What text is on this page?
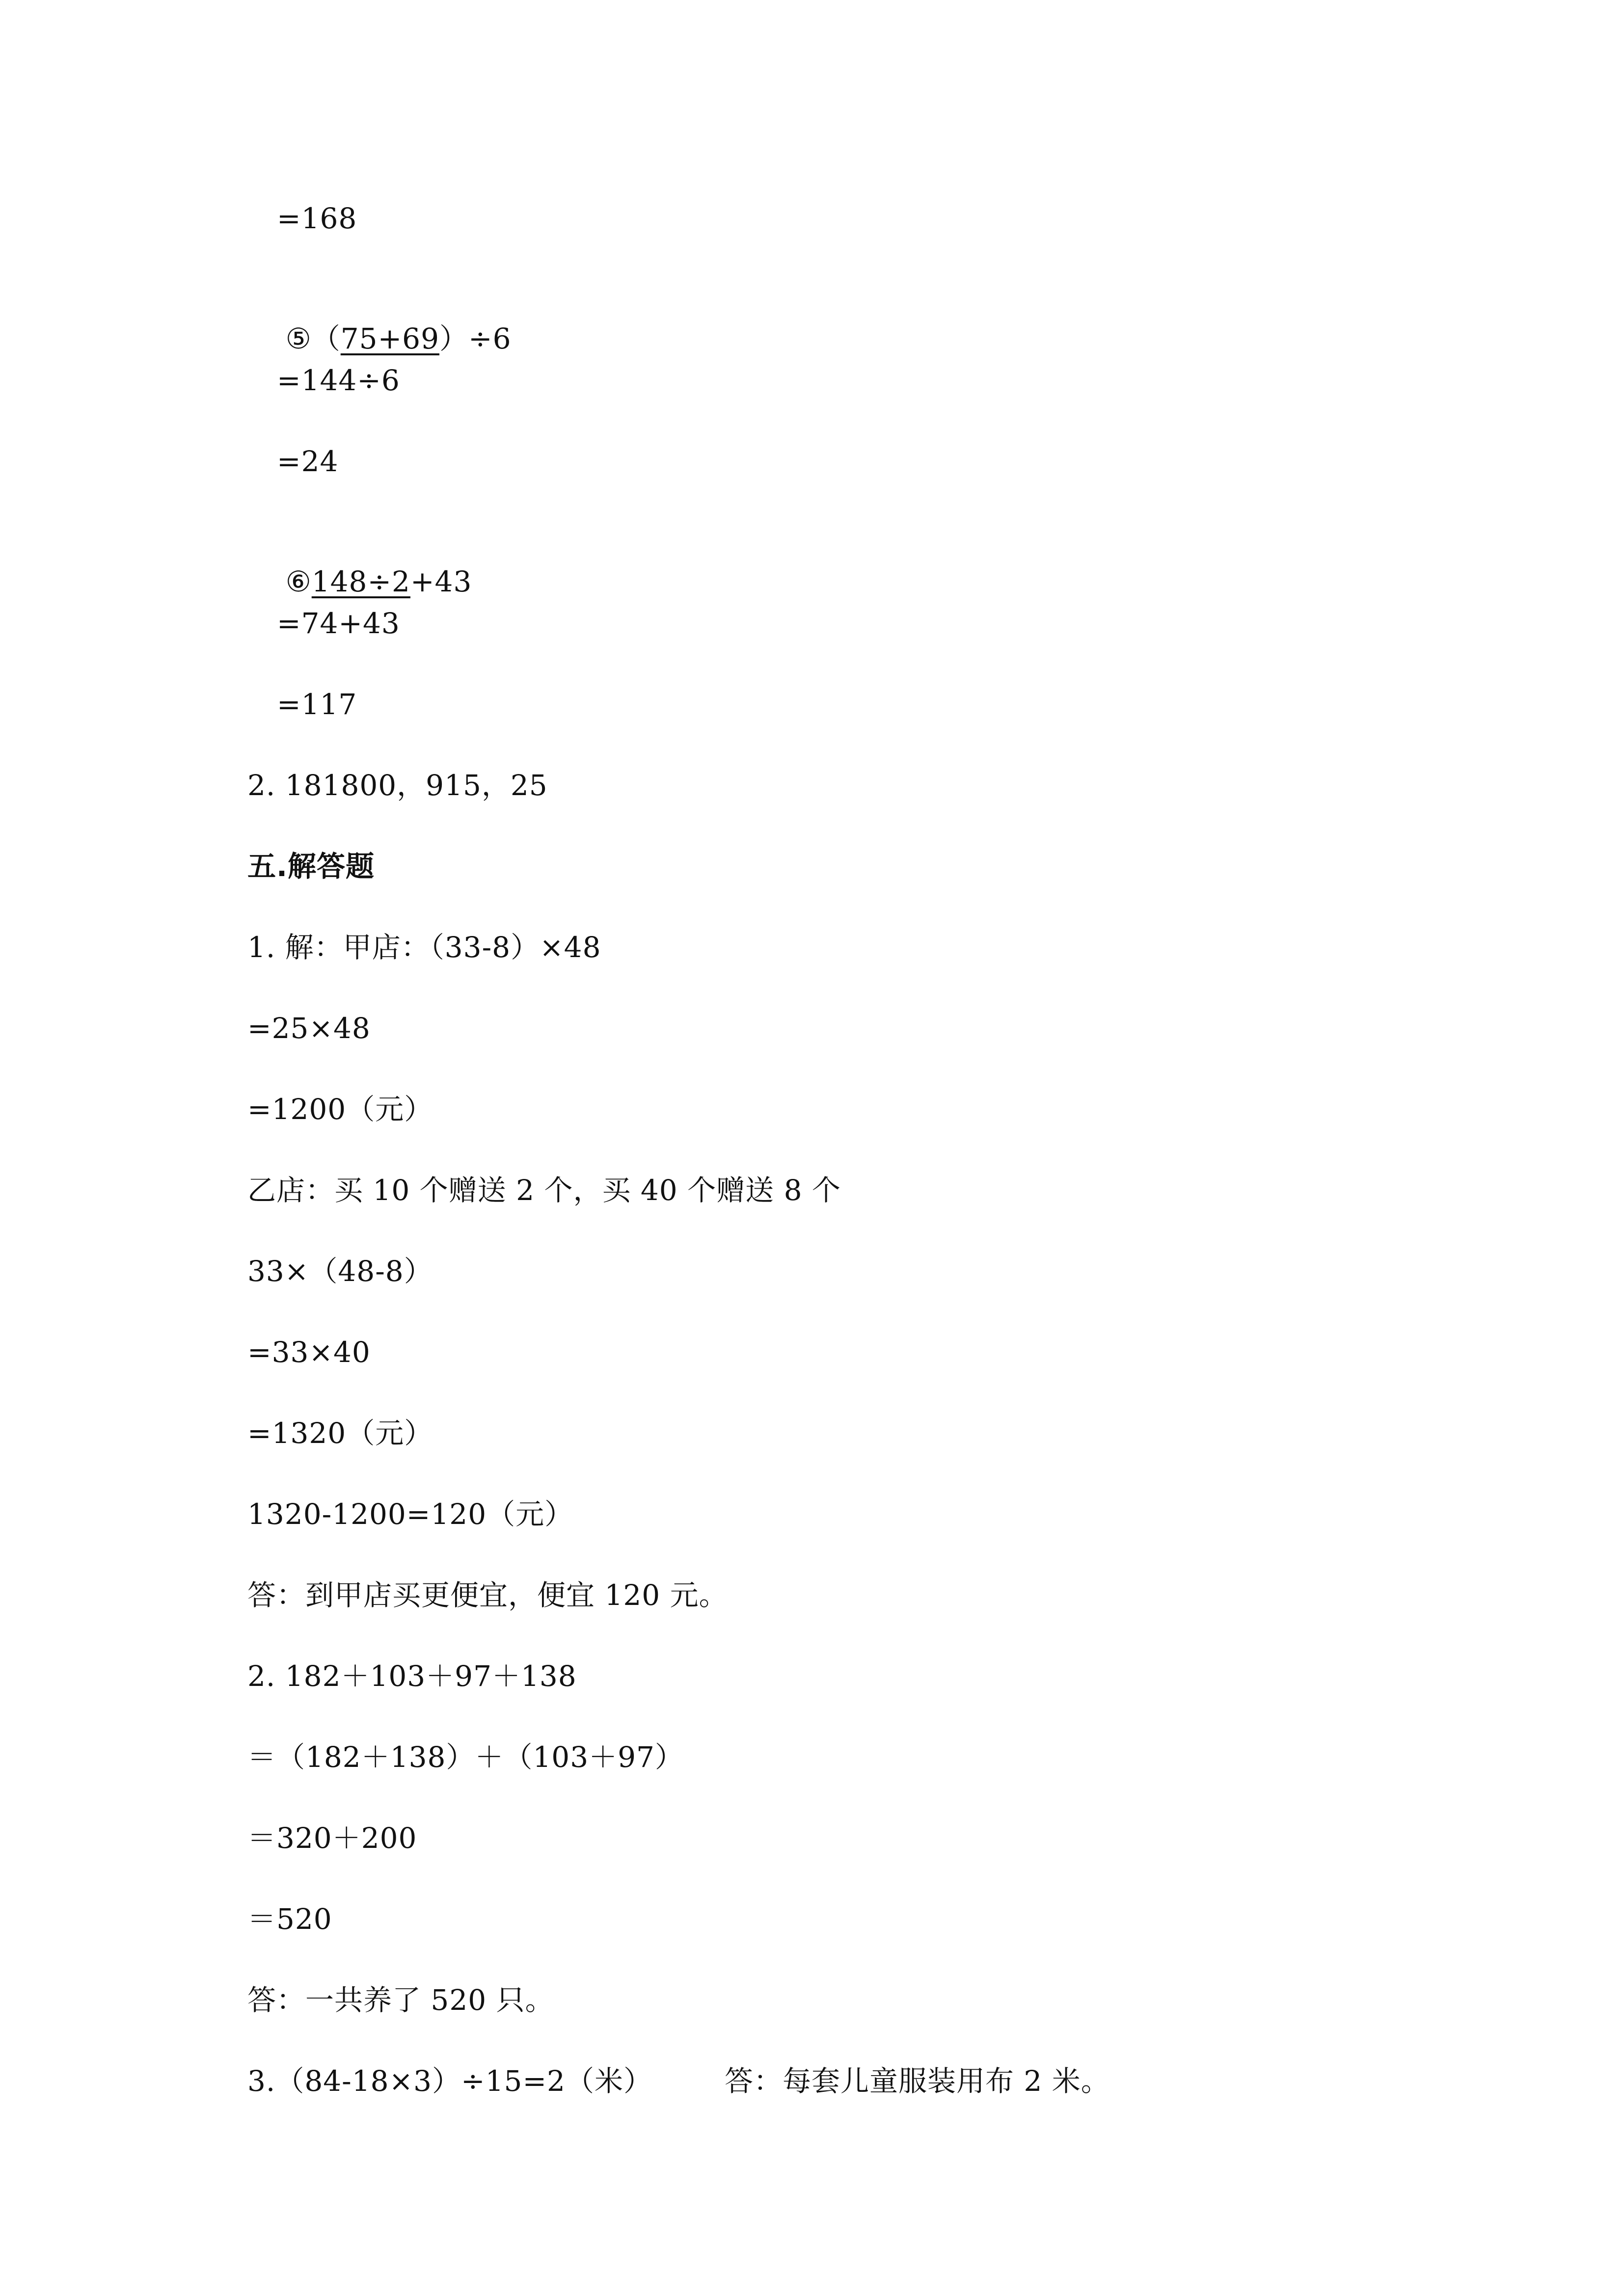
=168

⑤（75+69）÷6

=144÷6
=24

⑥148÷2+43

=74+43
=117
2. 181800，915，25
五.解答题
1. 解：甲店：（33-8）×48
=25×48
=1200（元）
乙店：买 10 个赠送 2 个，买 40 个赠送 8 个
33×（48-8）
=33×40
=1320（元）
1320-1200=120（元）
答：到甲店买更便宜，便宜 120 元。
2. 182＋103＋97＋138
＝（182＋138）＋（103＋97）
＝320＋200
＝520
答：一共养了 520 只。
3.（84-18×3）÷15=2（米）	答：每套儿童服装用布 2 米。
